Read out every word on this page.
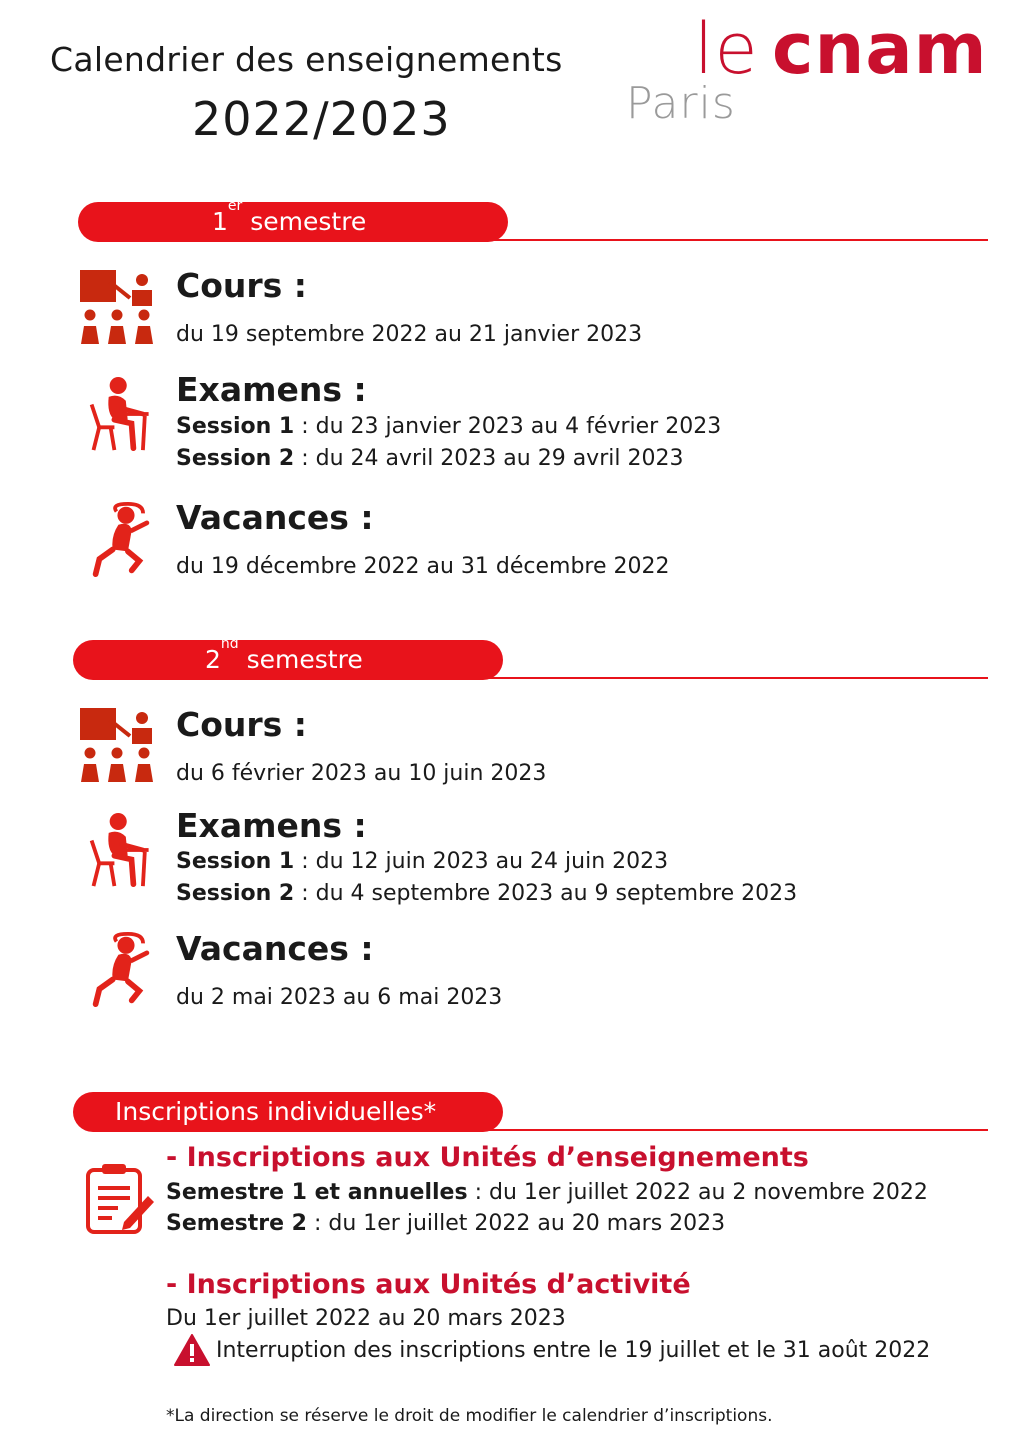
Calendrier des enseignements
2022/2023
le cnam
Paris
1er semestre
Cours :
du 19 septembre 2022 au 21 janvier 2023
Examens :
Session 1 : du 23 janvier 2023 au 4 février 2023
Session 2 : du 24 avril 2023 au 29 avril 2023
Vacances :
du 19 décembre 2022 au 31 décembre 2022
2nd semestre
Cours :
du 6 février 2023 au 10 juin 2023
Examens :
Session 1 : du 12 juin 2023 au 24 juin 2023
Session 2 : du 4 septembre 2023 au 9 septembre 2023
Vacances :
du 2 mai 2023 au 6 mai 2023
Inscriptions individuelles*
- Inscriptions aux Unités d’enseignements
Semestre 1 et annuelles : du 1er juillet 2022 au 2 novembre 2022
Semestre 2 : du 1er juillet 2022 au 20 mars 2023
- Inscriptions aux Unités d’activité
Du 1er juillet 2022 au 20 mars 2023
Interruption des inscriptions entre le 19 juillet et le 31 août 2022
*La direction se réserve le droit de modifier le calendrier d’inscriptions.
